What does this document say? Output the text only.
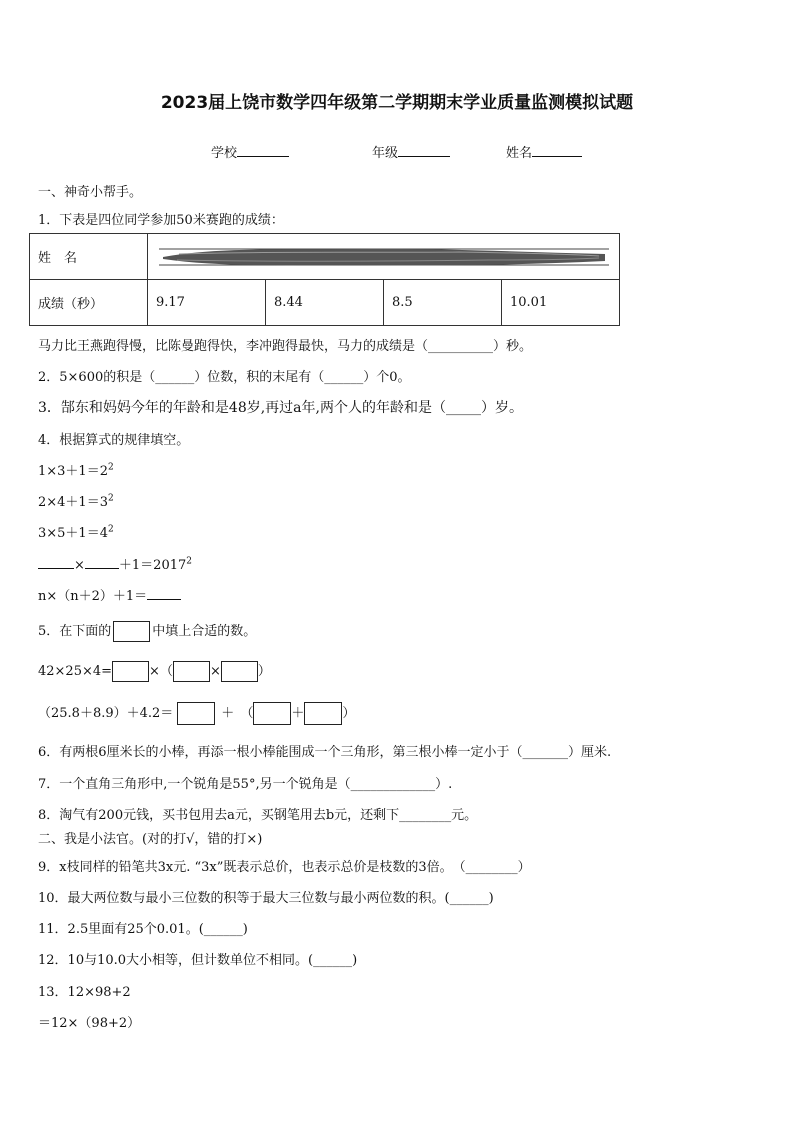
2023届上饶市数学四年级第二学期期末学业质量监测模拟试题
学校	年级	姓名
一、神奇小帮手。
1．下表是四位同学参加50米赛跑的成绩：
姓　名	

成绩（秒）	9.17	8.44	8.5	10.01
马力比王燕跑得慢，比陈曼跑得快，李冲跑得最快，马力的成绩是（__________）秒。
2．5×600的积是（______）位数，积的末尾有（______）个0。
3．郜东和妈妈今年的年龄和是48岁,再过a年,两个人的年龄和是（_____）岁。
4．根据算式的规律填空。
$1\times 3+1=2^2$
$2\times 4+1=3^2$
$3\times 5+1=4^2$
×	$+1=2017^2$
n×（n＋2）＋1＝
5．在下面的	中填上合适的数。
42×25×4=	×（	×	）
（25.8＋8.9）＋4.2＝	＋ （	＋	）
6．有两根6厘米长的小棒，再添一根小棒能围成一个三角形，第三根小棒一定小于（_______）厘米.
7．一个直角三角形中,一个锐角是55°,另一个锐角是（_____________）.
8．淘气有200元钱，买书包用去a元，买钢笔用去b元，还剩下________元。
二、我是小法官。(对的打√，错的打×)
9．x枝同样的铅笔共3x元. “3x”既表示总价，也表示总价是枝数的3倍。　（________）
10．最大两位数与最小三位数的积等于最大三位数与最小两位数的积。(______)
11．2.5里面有25个0.01。(______)
12．10与10.0大小相等，但计数单位不相同。(______)
13．12×98+2
＝12×（98+2）
